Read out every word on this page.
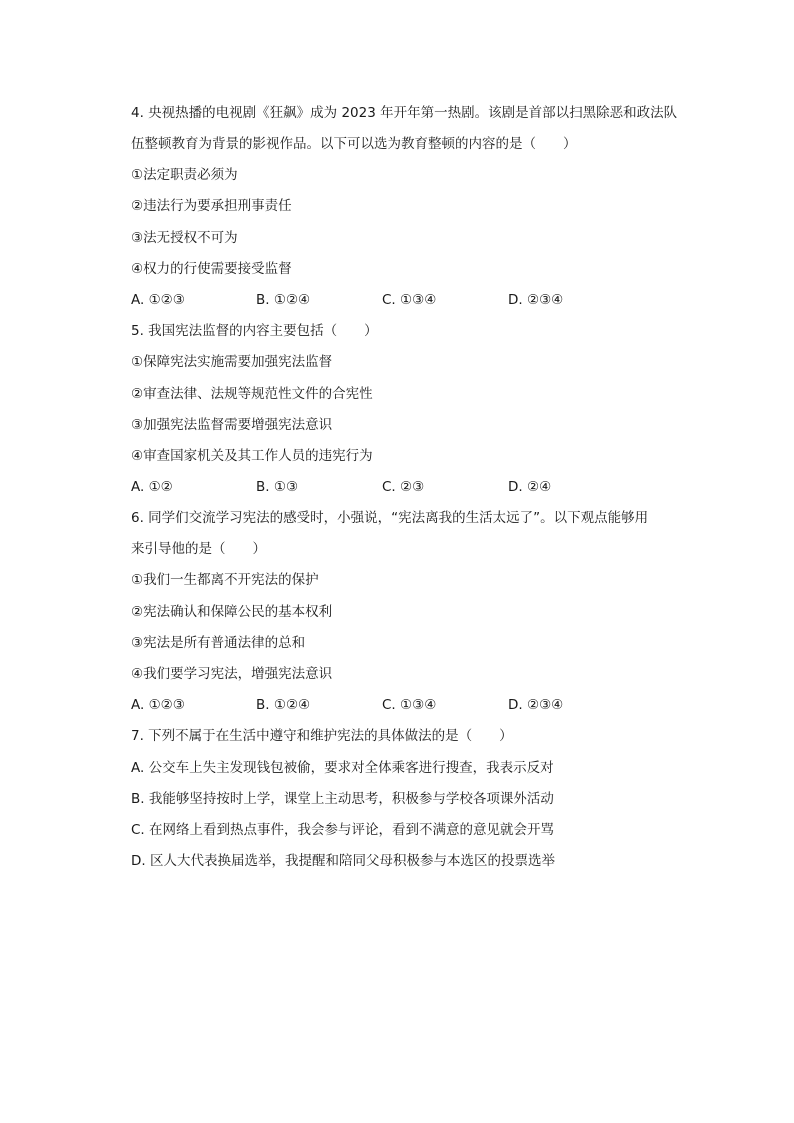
4. 央视热播的电视剧《狂飙》成为 2023 年开年第一热剧。该剧是首部以扫黑除恶和政法队
伍整顿教育为背景的影视作品。以下可以选为教育整顿的内容的是（　　）
①法定职责必须为
②违法行为要承担刑事责任
③法无授权不可为
④权力的行使需要接受监督
A. ①②③	B. ①②④	C. ①③④	D. ②③④
5. 我国宪法监督的内容主要包括（　　）
①保障宪法实施需要加强宪法监督
②审查法律、法规等规范性文件的合宪性
③加强宪法监督需要增强宪法意识
④审查国家机关及其工作人员的违宪行为
A. ①②	B. ①③	C. ②③	D. ②④
6. 同学们交流学习宪法的感受时，小强说，“宪法离我的生活太远了”。以下观点能够用
来引导他的是（　　）
①我们一生都离不开宪法的保护
②宪法确认和保障公民的基本权利
③宪法是所有普通法律的总和
④我们要学习宪法，增强宪法意识
A. ①②③	B. ①②④	C. ①③④	D. ②③④
7. 下列不属于在生活中遵守和维护宪法的具体做法的是（　　）
A. 公交车上失主发现钱包被偷，要求对全体乘客进行搜查，我表示反对
B. 我能够坚持按时上学，课堂上主动思考，积极参与学校各项课外活动
C. 在网络上看到热点事件，我会参与评论，看到不满意的意见就会开骂
D. 区人大代表换届选举，我提醒和陪同父母积极参与本选区的投票选举
